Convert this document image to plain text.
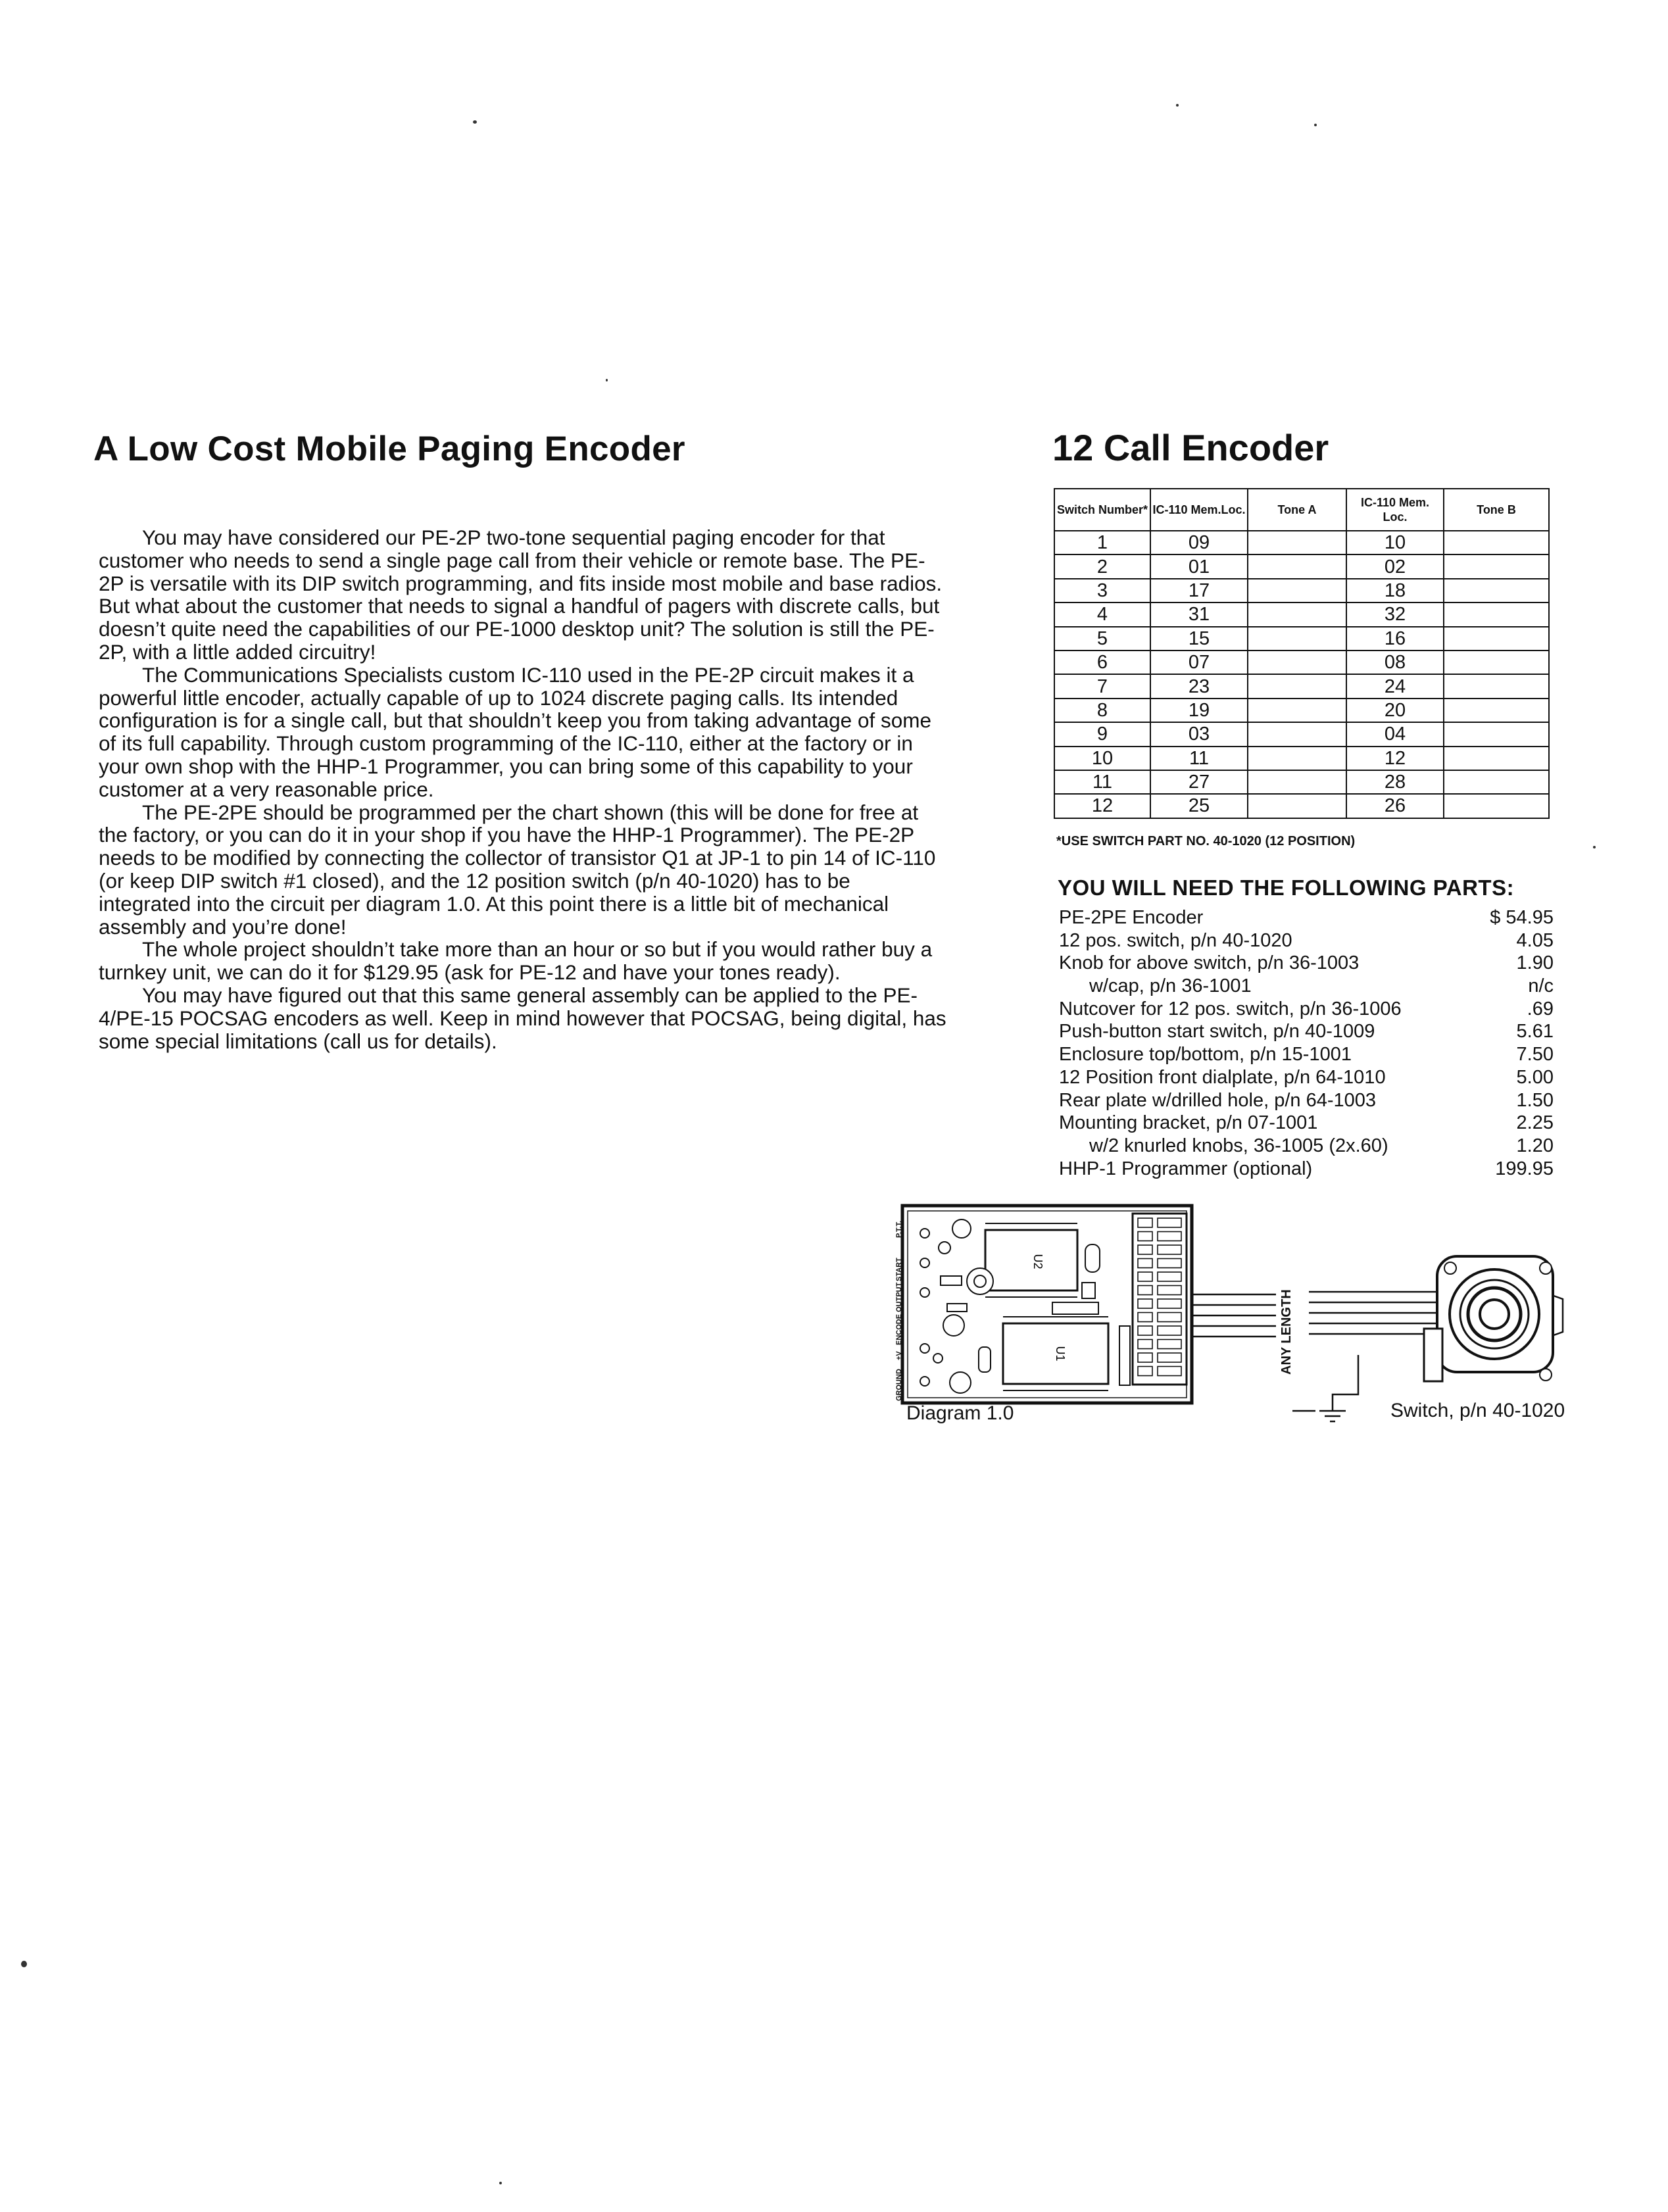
A Low Cost Mobile Paging Encoder

You may have considered our PE-2P two-tone sequential paging encoder for that customer who needs to send a single page call from their vehicle or remote base. The PE-2P is versatile with its DIP switch programming, and fits inside most mobile and base radios. But what about the customer that needs to signal a handful of pagers with discrete calls, but doesn’t quite need the capabilities of our PE-1000 desktop unit? The solution is still the PE-2P, with a little added circuitry!

The Communications Specialists custom IC-110 used in the PE-2P circuit makes it a powerful little encoder, actually capable of up to 1024 discrete paging calls. Its intended configuration is for a single call, but that shouldn’t keep you from taking advantage of some of its full capability. Through custom programming of the IC-110, either at the factory or in your own shop with the HHP-1 Programmer, you can bring some of this capability to your customer at a very reasonable price.

The PE-2PE should be programmed per the chart shown (this will be done for free at the factory, or you can do it in your shop if you have the HHP-1 Programmer). The PE-2P needs to be modified by connecting the collector of transistor Q1 at JP-1 to pin 14 of IC-110 (or keep DIP switch #1 closed), and the 12 position switch (p/n 40-1020) has to be integrated into the circuit per diagram 1.0. At this point there is a little bit of mechanical assembly and you’re done!

The whole project shouldn’t take more than an hour or so but if you would rather buy a turnkey unit, we can do it for $129.95 (ask for PE-12 and have your tones ready).

You may have figured out that this same general assembly can be applied to the PE-4/PE-15 POCSAG encoders as well. Keep in mind however that POCSAG, being digital, has some special limitations (call us for details).

12 Call Encoder
Switch Number*	IC-110 Mem.Loc.	Tone A	IC-110 Mem. Loc.	Tone B
1	09		10	
2	01		02	
3	17		18	
4	31		32	
5	15		16	
6	07		08	
7	23		24	
8	19		20	
9	03		04	
10	11		12	
11	27		28	
12	25		26	
*USE SWITCH PART NO. 40-1020 (12 POSITION)
YOU WILL NEED THE FOLLOWING PARTS:
PE-2PE Encoder	$ 54.95
12 pos. switch, p/n 40-1020	4.05
Knob for above switch, p/n 36-1003	1.90
w/cap, p/n 36-1001	n/c
Nutcover for 12 pos. switch, p/n 36-1006	.69
Push-button start switch, p/n 40-1009	5.61
Enclosure top/bottom, p/n 15-1001	7.50
12 Position front dialplate, p/n 64-1010	5.00
Rear plate w/drilled hole, p/n 64-1003	1.50
Mounting bracket, p/n 07-1001	2.25
w/2 knurled knobs, 36-1005 (2x.60)	1.20
HHP-1 Programmer (optional)	199.95
P.T.T.
START
ENCODE OUTPUT
+V
GROUND
U2
U1	ANY LENGTH
Diagram 1.0	Switch, p/n 40-1020
